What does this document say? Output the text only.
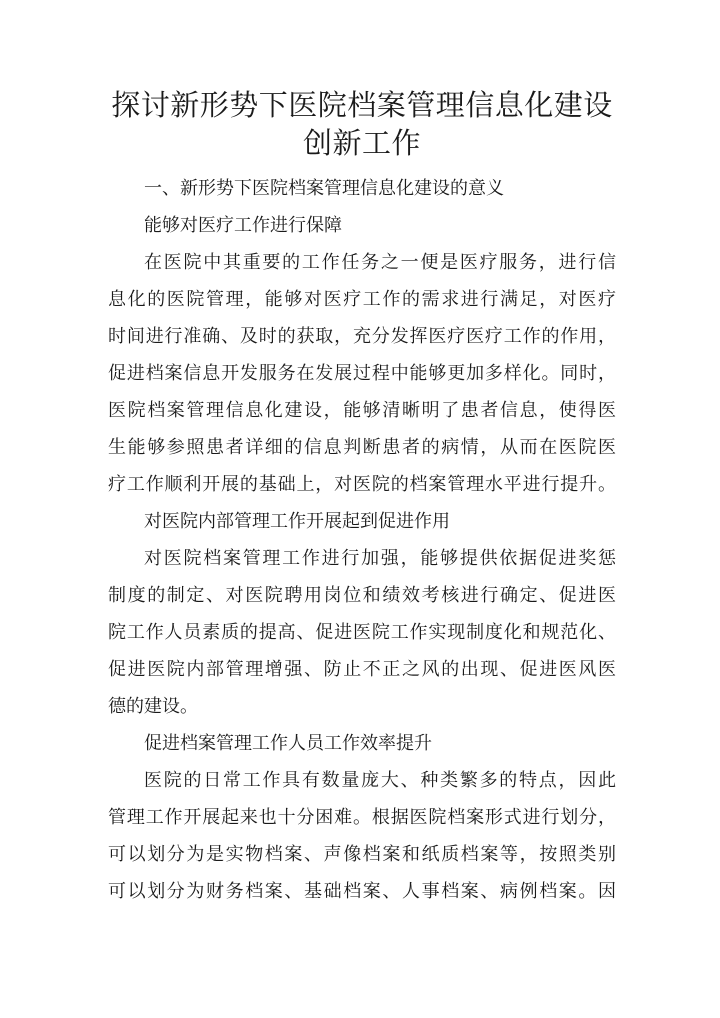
探讨新形势下医院档案管理信息化建设
创新工作

一、新形势下医院档案管理信息化建设的意义

能够对医疗工作进行保障

在医院中其重要的工作任务之一便是医疗服务，进行信

息化的医院管理，能够对医疗工作的需求进行满足，对医疗

时间进行准确、及时的获取，充分发挥医疗医疗工作的作用，

促进档案信息开发服务在发展过程中能够更加多样化。同时，

医院档案管理信息化建设，能够清晰明了患者信息，使得医

生能够参照患者详细的信息判断患者的病情，从而在医院医

疗工作顺利开展的基础上，对医院的档案管理水平进行提升。

对医院内部管理工作开展起到促进作用

对医院档案管理工作进行加强，能够提供依据促进奖惩

制度的制定、对医院聘用岗位和绩效考核进行确定、促进医

院工作人员素质的提高、促进医院工作实现制度化和规范化、

促进医院内部管理增强、防止不正之风的出现、促进医风医

德的建设。

促进档案管理工作人员工作效率提升

医院的日常工作具有数量庞大、种类繁多的特点，因此

管理工作开展起来也十分困难。根据医院档案形式进行划分，

可以划分为是实物档案、声像档案和纸质档案等，按照类别

可以划分为财务档案、基础档案、人事档案、病例档案。因
